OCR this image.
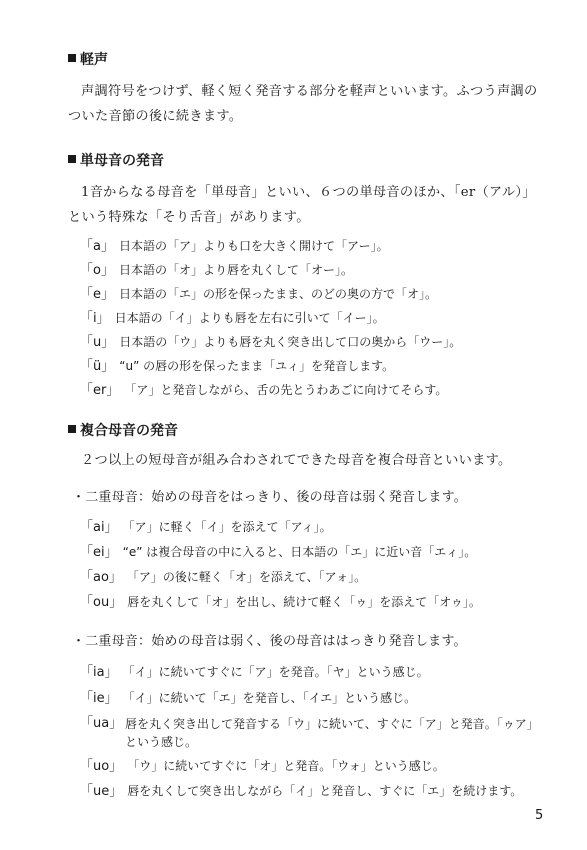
軽声
声調符号をつけず、軽く短く発音する部分を軽声といいます。ふつう声調のついた音節の後に続きます。
単母音の発音
1音からなる母音を「単母音」といい、６つの単母音のほか、「er（アル）」という特殊な「そり舌音」があります。
「a」 日本語の「ア」よりも口を大きく開けて「アー」。
「o」 日本語の「オ」より唇を丸くして「オー」。
「e」 日本語の「エ」の形を保ったまま、のどの奥の方で「オ」。
「i」 日本語の「イ」よりも唇を左右に引いて「イー」。
「u」 日本語の「ウ」よりも唇を丸く突き出して口の奥から「ウー」。
「ü」 “u” の唇の形を保ったまま「ユィ」を発音します。
「er」 「ア」と発音しながら、舌の先とうわあごに向けてそらす。
複合母音の発音
２つ以上の短母音が組み合わされてできた母音を複合母音といいます。
・二重母音：始めの母音をはっきり、後の母音は弱く発音します。
「ai」 「ア」に軽く「イ」を添えて「アィ」。
「ei」 “e” は複合母音の中に入ると、日本語の「エ」に近い音「エィ」。
「ao」 「ア」の後に軽く「オ」を添えて、「アォ」。
「ou」 唇を丸くして「オ」を出し、続けて軽く「ゥ」を添えて「オゥ」。
・二重母音：始めの母音は弱く、後の母音ははっきり発音します。
「ia」 「イ」に続いてすぐに「ア」を発音。「ヤ」という感じ。
「ie」 「イ」に続いて「エ」を発音し、「イエ」という感じ。
「ua」 唇を丸く突き出して発音する「ウ」に続いて、すぐに「ア」と発音。「ゥア」という感じ。
「uo」 「ウ」に続いてすぐに「オ」と発音。「ウォ」という感じ。
「ue」 唇を丸くして突き出しながら「イ」と発音し、すぐに「エ」を続けます。
5
